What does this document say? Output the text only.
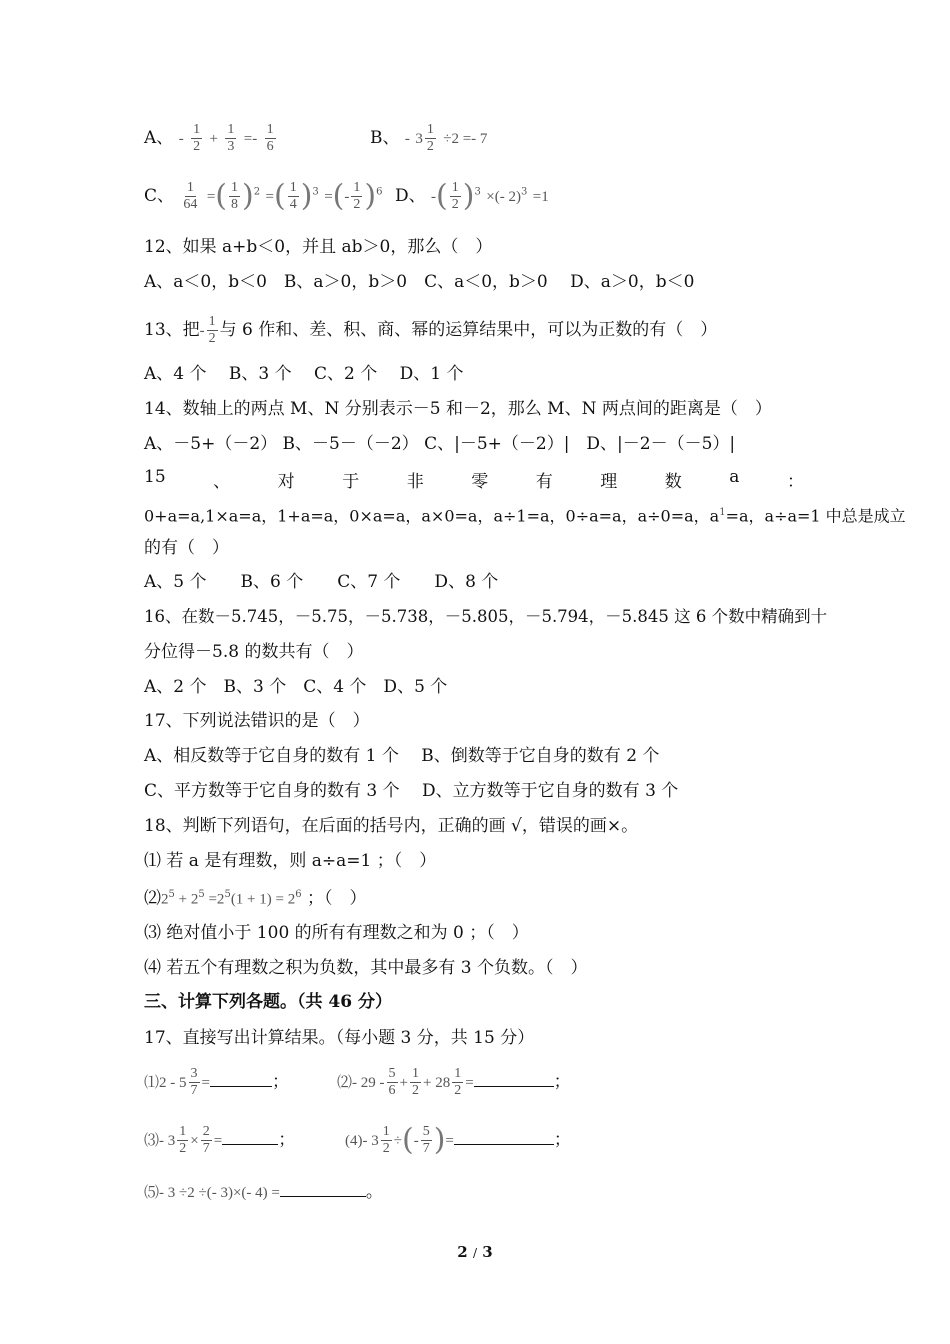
A、 - $\frac{1}{2} + \frac{1}{3} =- \frac{1}{6}$	B、 - $3 \frac{1}{2} \div 2 =- 7$
C、 $\frac{1}{64}$ =( $\frac{1}{8} )^2$ =( $\frac{1}{4} )^3$ =(- $\frac{1}{2} )^6$ D、 -( $\frac{1}{2} )^3$ ×(- 2)$^3$ =1
12、如果 a+b＜0，并且 ab＞0，那么（　）
A、a＜0，b＜0　B、a＞0，b＞0　C、a＜0，b＞0　 D、a＞0，b＜0
13、把- $\frac{1}{2}$ 与 6 作和、差、积、商、幂的运算结果中，可以为正数的有（　）
A、4 个　 B、3 个　 C、2 个　 D、1 个
14、数轴上的两点 M、N 分别表示－5 和－2，那么 M、N 两点间的距离是（　）
A、－5+（－2） B、－5－（－2） C、|－5+（－2）|　D、|－2－（－5）|
15	、	对	于	非	零	有	理	数	a	：
0+a=a,1×a=a，1+a=a，0×a=a，a×0=a，a÷1=a，0÷a=a，a÷0=a，$a^1=a$，a÷a=1 中总是成立
的有（　）
A、5 个　　B、6 个　　C、7 个　　D、8 个
16、在数－5.745，－5.75，－5.738，－5.805，－5.794，－5.845 这 6 个数中精确到十
分位得－5.8 的数共有（　）
A、2 个　B、3 个　C、4 个　D、5 个
17、下列说法错识的是（　）
A、相反数等于它自身的数有 1 个　 B、倒数等于它自身的数有 2 个
C、平方数等于它自身的数有 3 个　 D、立方数等于它自身的数有 3 个
18、判断下列语句，在后面的括号内，正确的画 √，错误的画×。
⑴ 若 a 是有理数，则 a÷a=1 ；（　）
$⑵2^5 + 2^5 =2^5(1 + 1) = 2^6$ ；（　）
⑶ 绝对值小于 100 的所有有理数之和为 0 ；（　）
⑷ 若五个有理数之积为负数，其中最多有 3 个负数。（　）
三、计算下列各题。（共 46 分）
17、直接写出计算结果。（每小题 3 分，共 15 分）
⑴2 - $5 \frac{3}{7}$ =	；	⑵- $29 - \frac{5}{6} + \frac{1}{2} + 28 \frac{1}{2}$ =	；
⑶- $3 \frac{1}{2} \times \frac{2}{7}$ =	；	(4)- $3 \frac{1}{2}$ ÷(- $\frac{5}{7}$ )=	；
⑸- 3 ÷2 ÷(- 3)×(- 4) =	。
2 / 3
